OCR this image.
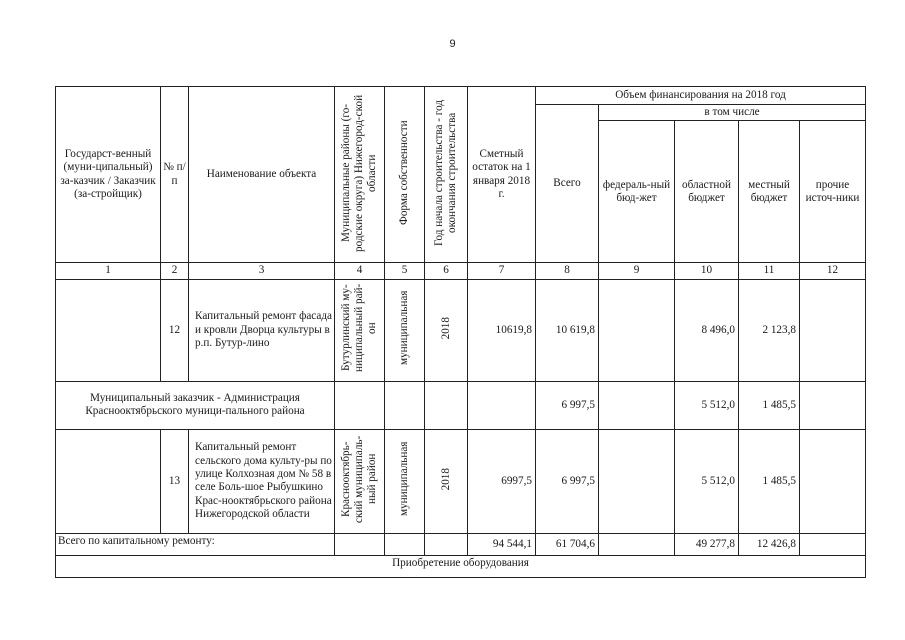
9
Государст-венный (муни-ципальный) за-казчик / Заказчик (за-стройщик)	№ п/п	Наименование объекта	Муниципальные районы (го-родские округа) Нижегород-ской области	Форма собственности	Год начала строительства - год окончания строительства	Сметный остаток на 1 января 2018 г.	Объем финансирования на 2018 год				
							Всего	в том числе			
								федераль-ный бюд-жет	областной бюджет	местный бюджет	прочие источ-ники
1	2	3	4	5	6	7	8	9	10	11	12
	12	Капитальный ремонт фасада и кровли Дворца культуры в р.п. Бутур-лино	Бутурлинский му-ниципальный рай-он	муниципальная	2018	10619,8	10 619,8		8 496,0	2 123,8	
Муниципальный заказчик - Администрация Краснооктябрьского муници-пального района							6 997,5		5 512,0	1 485,5	
	13	Капитальный ремонт сельского дома культу-ры по улице Колхозная дом № 58 в селе Боль-шое Рыбушкино Крас-нооктябрьского района Нижегородской области	Краснооктябрь-ский муниципаль-ный район	муниципальная	2018	6997,5	6 997,5		5 512,0	1 485,5	
Всего по капитальному ремонту:						94 544,1	61 704,6		49 277,8	12 426,8	
Приобретение оборудования											
